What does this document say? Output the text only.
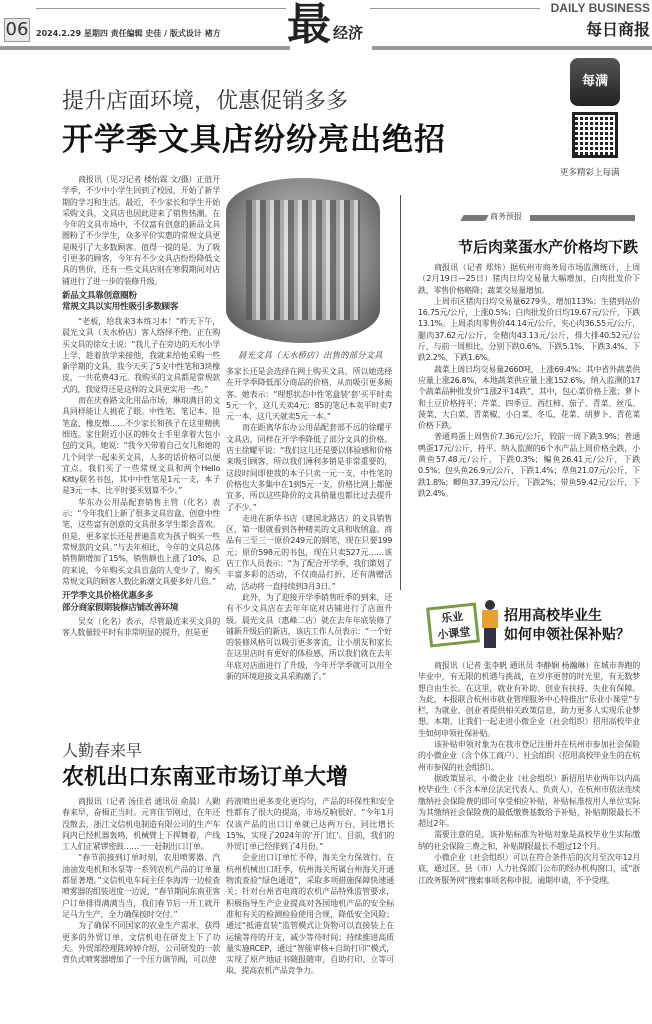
06 2024.2.29 星期四 责任编辑 史佳 / 版式设计 褚方 最 经济
DAILY BUSINESS
每日商报
每满
更多精彩上每满
提升店面环境，优惠促销多多
开学季文具店纷纷亮出绝招

商报讯（见习记者 楼怡霖 文/摄）正值开学季，不少中小学生回到了校园，开始了新学期的学习和生活。最近，不少家长和学生开始采购文具，文具店也因此迎来了销售热潮。在今年的文具市场中，不仅富有创意的新品文具圈粉了不少学生，众多平价实惠的常规文具更是吸引了大多数顾客。值得一提的是，为了吸引更多的顾客，今年有不少文具店纷纷降低文具的售价，还有一些文具店则在寒假期间对店铺进行了进一步的装修升级。

新品文具靠创意圈粉
常规文具以实用性吸引多数顾客

“老板，给我来3本练习本！”昨天下午，晨光文具（天水桥店）客人络绎不绝。正在购买文具的徐女士说：“我儿子在旁边的天水小学上学，趁着放学来接他，我就来给他采购一些新学期的文具，我今天买了5支中性笔和3块橡皮，一共花费43元。我购买的文具都是常规款式的，我觉得还是这样的文具更实用一些。”

而在庆春路文化用品市场，琳琅满目的文具同样能让人挑花了眼。中性笔、笔记本、铅笔盒、橡皮擦……不少家长和孩子在这里精挑细选。家住附近小区的韩女士手里拿着大包小包的文具，她说：“我今天带着自己女儿和她的几个同学一起来买文具，人多的话价格可以便宜点。我们买了一些常规文具和两个Hello Kitty联名书包，其中中性笔是1元一支，本子是3元一本，比平时要买划算不少。”

华东办公用品配套销售主管（化名）表示：“今年我们上新了很多文具盲盒、创意中性笔，这些富有创意的文具很多学生都会喜欢。但是，更多家长还是普遍喜欢为孩子购买一些常规款的文具。”与去年相比，今年的文具总体销售额增加了15%，销售额也上涨了10%，总的来说，今年购买文具盲盒的人变少了，购买常规文具的顾客人数比新潮文具要多好几倍。”

开学季文具价格优惠多多
部分商家假期装修店铺改善环境

吴女（化名）表示，尽管最近来买文具的客人数量较平时有非常明显的提升，但是更

晨光文具（天水桥店）出售的部分文具

多家长还是会选择在网上购买文具，所以她选择在开学季降低部分商品的价格，从而吸引更多顾客。她表示：“理想状态中性笔盒装‘套’买平时卖5元一个，这几天卖4元；85的笔记本卖平时卖7元一本，这几天就卖5元一本。”

而在距离华东办公用品配套部不远的徐耀平文具店，同样在开学季降低了部分文具的价格。店主徐耀平说：“我们这儿还是要以体验感和价格来吸引顾客，所以我们薄利多销是非常重要的，这段时间即使我的本子只卖一元一支，中性笔的价格也大多集中在1到5元一支，价格比网上都便宜多，所以这些降价的文具销量也都比过去提升了不少。”

走进在新华书店（建国北路店）的文具销售区，第一眼就看到各种精美的文具和收纳盒。商品有三至三一原价249元的钢笔，现在只要199元；原价598元的书包，现在只卖527元……该店工作人员表示：“为了配合开学季，我们策划了丰富多彩的活动，不仅商品打折，还有满赠活动，活动将一直持续到3月3日。”

此外，为了迎接开学季销售旺季的到来，还有不少文具店在去年年底对店铺进行了店面升级。晨光文具（惠峰二店）就在去年年底装修了铺新升级后的新店，该店工作人员表示：“一个好的装修风格可以吸引更多客流，让小朋友和家长在这里店时有更好的体验感，所以我们就在去年年底对店面进行了升级，今年开学季就可以用全新的环境迎接文具采购潮了。”

商务预报
节后肉菜蛋水产价格均下跌

商报讯（记者 郑炜）据杭州市商务局市场监测统计，上周（2月19日—25日）猪肉日均交易量大幅增加，白肉批发价下跌，零售价格略降；蔬菜交易量增加。

上周市区猪肉日均交易量6279头，增加113%；生猪到站价16.75元/公斤，上涨0.5%；白肉批发价日均19.67元/公斤，下跌13.1%。上周杀肉零售价44.14元/公斤，夹心肉36.55元/公斤，腿肉37.62元/公斤，全精肉43.13元/公斤，排大排40.52元/公斤，与前一周相比，分别下跌0.6%、下跌5.1%、下跌3.4%、下跌2.2%、下跌1.6%。

蔬菜上周日均交易量2660吨，上涨69.4%；其中省外蔬菜供应量上涨26.8%，本地蔬菜供应量上涨152.6%。纳入监测的17个蔬菜品种批发价“1涨2平14跌”，其中，包心菜价格上涨；萝卜和土豆价格持平；芹菜、四季豆、西红柿、茄子、青菜、丝瓜、菠菜、大白菜、青菜椒、小白菜、冬瓜、花菜、胡萝卜、青花菜价格下跌。

普通鸡蛋上周售价7.36元/公斤，较前一周下跌3.9%；普通鸭蛋17元/公斤，持平。纳入监测的6个水产品上周价格全跌，小黄鱼57.48元/公斤，下跌0.3%；鳊鱼26.41元/公斤，下跌0.5%；包头鱼26.9元/公斤，下跌1.4%；草鱼21.07元/公斤，下跌1.8%；鲫鱼37.39元/公斤，下跌2%；带鱼59.42元/公斤，下跌2.4%。

乐业
小课堂
招用高校毕业生
如何申领社保补贴？

商报讯（记者 张李帆 通讯员 李静娴 杨瀚琳）在城市奔跑的毕业中，有无限的机遇与挑战，在岁序更替的时光里，有无数梦想自由生长。在这里，就业有补助、创业有扶持、失业有保障。为此，本报联合杭州市就业管理服务中心特推出“乐业小课堂”专栏，为就业、创业者提供相关政策信息，助力更多人实现乐业梦想。本期，让我们一起走进小微企业（社会组织）招用高校毕业生如何申领社保补贴。

该补贴申领对象为在我市登记注册并在杭州市参加社会保险的小微企业（含个体工商户）、社会组织（招用高校毕业生的在杭州市参保的社会组织）。

据政策显示，小微企业（社会组织）新招用毕业两年以内高校毕业生（不含本单位法定代表人、负责人），在杭州市依法连续缴纳社会保险费的即可享受相应补贴，补贴标准按用人单位实际为其缴纳社会保险费的最低缴费基数给予补贴，补贴期限最长不超过2年。

需要注意的是，该补贴标准为补贴对象是高校毕业生实际缴纳的社会保险三费之和，补贴期限最长不超过12个月。

小微企业（社会组织）可以在符合条件后的次月至次年12月底，通过区、县（市）人力社保部门公布的经办机构窗口，或“浙江政务服务网”搜索事项名称申报。逾期申请，不予受理。

人勤春来早
农机出口东南亚市场订单大增

商报讯（记者 汤佳君 通讯员 俞晨）人勤春来早，奋楫正当时。元宵佳节刚过，在年还没散去，浙江文信机电制造有限公司的生产车间内已经机器轰鸣，机械臂上下挥舞着，产线工人们正紧锣密鼓……一一赶制出口订单。

“春节前接到订单时刻，农用喷雾器、汽油油发电机和水泵等一系列农机产品的订单量都显著增。”文信机电车间主任李海涛一边检查喷雾器的组装进度一边说，“春节期间东南亚客户订单排得满满当当，我们春节后一开工就开足马力生产，全力确保按时交付。”

为了确保不同国家的农业生产需求，获得更多的外贸订单，文信机电在研发上下了功夫。外贸部经理陈婷婷介绍，公司研发的一款背负式喷雾器增加了一个压力调节阀，可以使

药液喷出更多变化更均匀，产品的环保性和安全性都有了很大的提高，市场反响很好。“今年1月仅该产品的出口订单就已达两万台，同比增长15%，实现了2024年的‘开门红’。目前，我们的外贸订单已经排到了4月份。”

企业出口订单忙不停，海关全力保效行。在杭州机械出口旺季，杭州海关所属台州海关开通物流查验“绿色通道”，采取多项措施保障快速通关；针对台州省电商的农机产品特殊监管要求，积极指导生产企业提高对各国地机产品的安全标准和有关的检测检验使用合规，降低安全风险；通过“抵港直装”监管模式让货物可以直接装上在运输等待的开支，减少等待时间；持续推进高质量实施RCEP，通过“智能审核+自助打印”模式，实现了原产地证书随报随审、自助打印、立等可取，提高农机产品竞争力。
